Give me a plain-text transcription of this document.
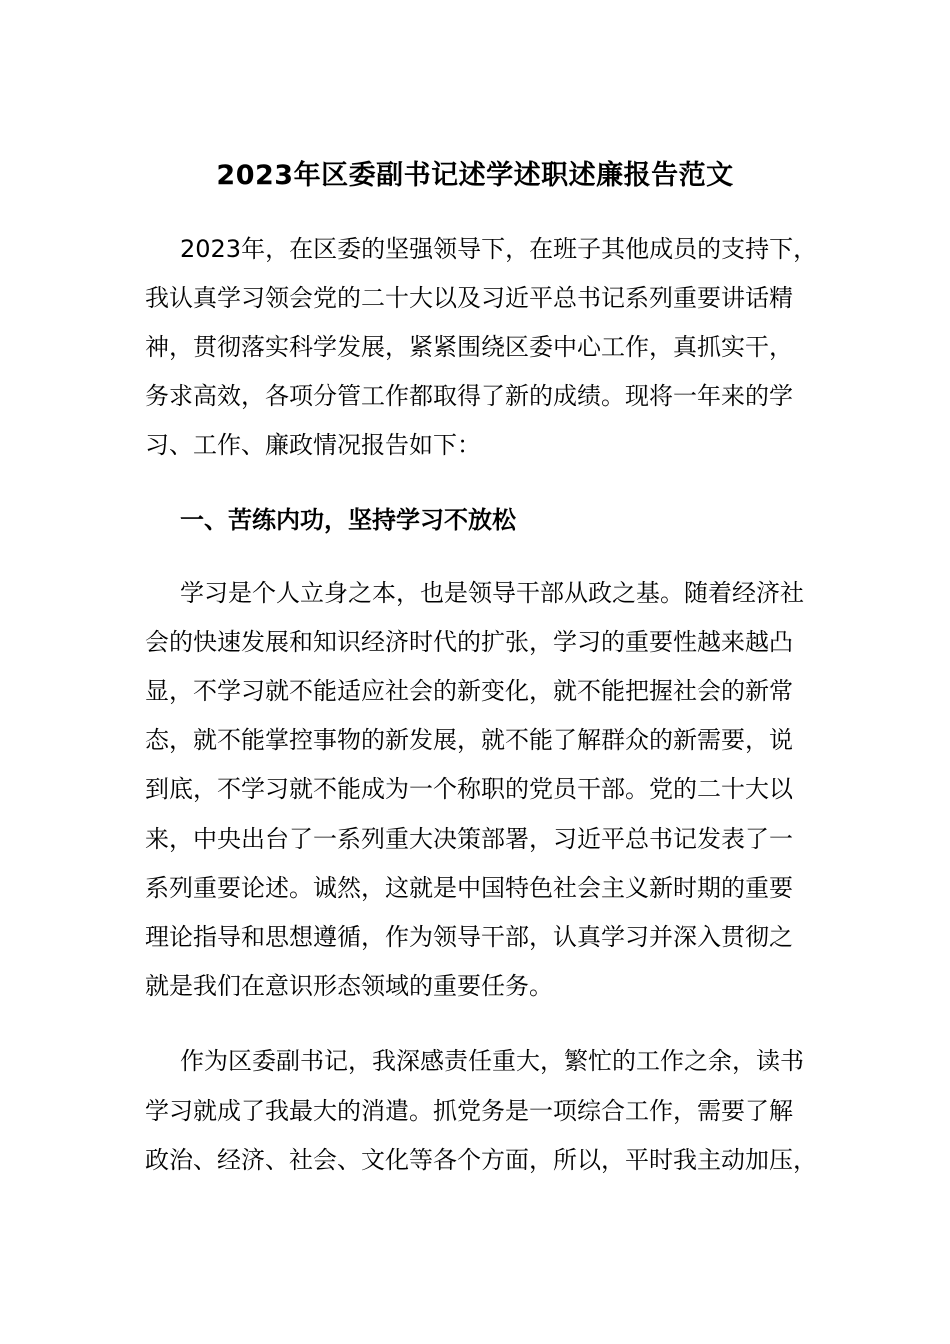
2023年区委副书记述学述职述廉报告范文
2023年，在区委的坚强领导下，在班子其他成员的支持下，
我认真学习领会党的二十大以及习近平总书记系列重要讲话精
神，贯彻落实科学发展，紧紧围绕区委中心工作，真抓实干，
务求高效，各项分管工作都取得了新的成绩。现将一年来的学
习、工作、廉政情况报告如下：
一、苦练内功，坚持学习不放松
学习是个人立身之本，也是领导干部从政之基。随着经济社
会的快速发展和知识经济时代的扩张，学习的重要性越来越凸
显，不学习就不能适应社会的新变化，就不能把握社会的新常
态，就不能掌控事物的新发展，就不能了解群众的新需要，说
到底，不学习就不能成为一个称职的党员干部。党的二十大以
来，中央出台了一系列重大决策部署，习近平总书记发表了一
系列重要论述。诚然，这就是中国特色社会主义新时期的重要
理论指导和思想遵循，作为领导干部，认真学习并深入贯彻之
就是我们在意识形态领域的重要任务。
作为区委副书记，我深感责任重大，繁忙的工作之余，读书
学习就成了我最大的消遣。抓党务是一项综合工作，需要了解
政治、经济、社会、文化等各个方面，所以，平时我主动加压，
